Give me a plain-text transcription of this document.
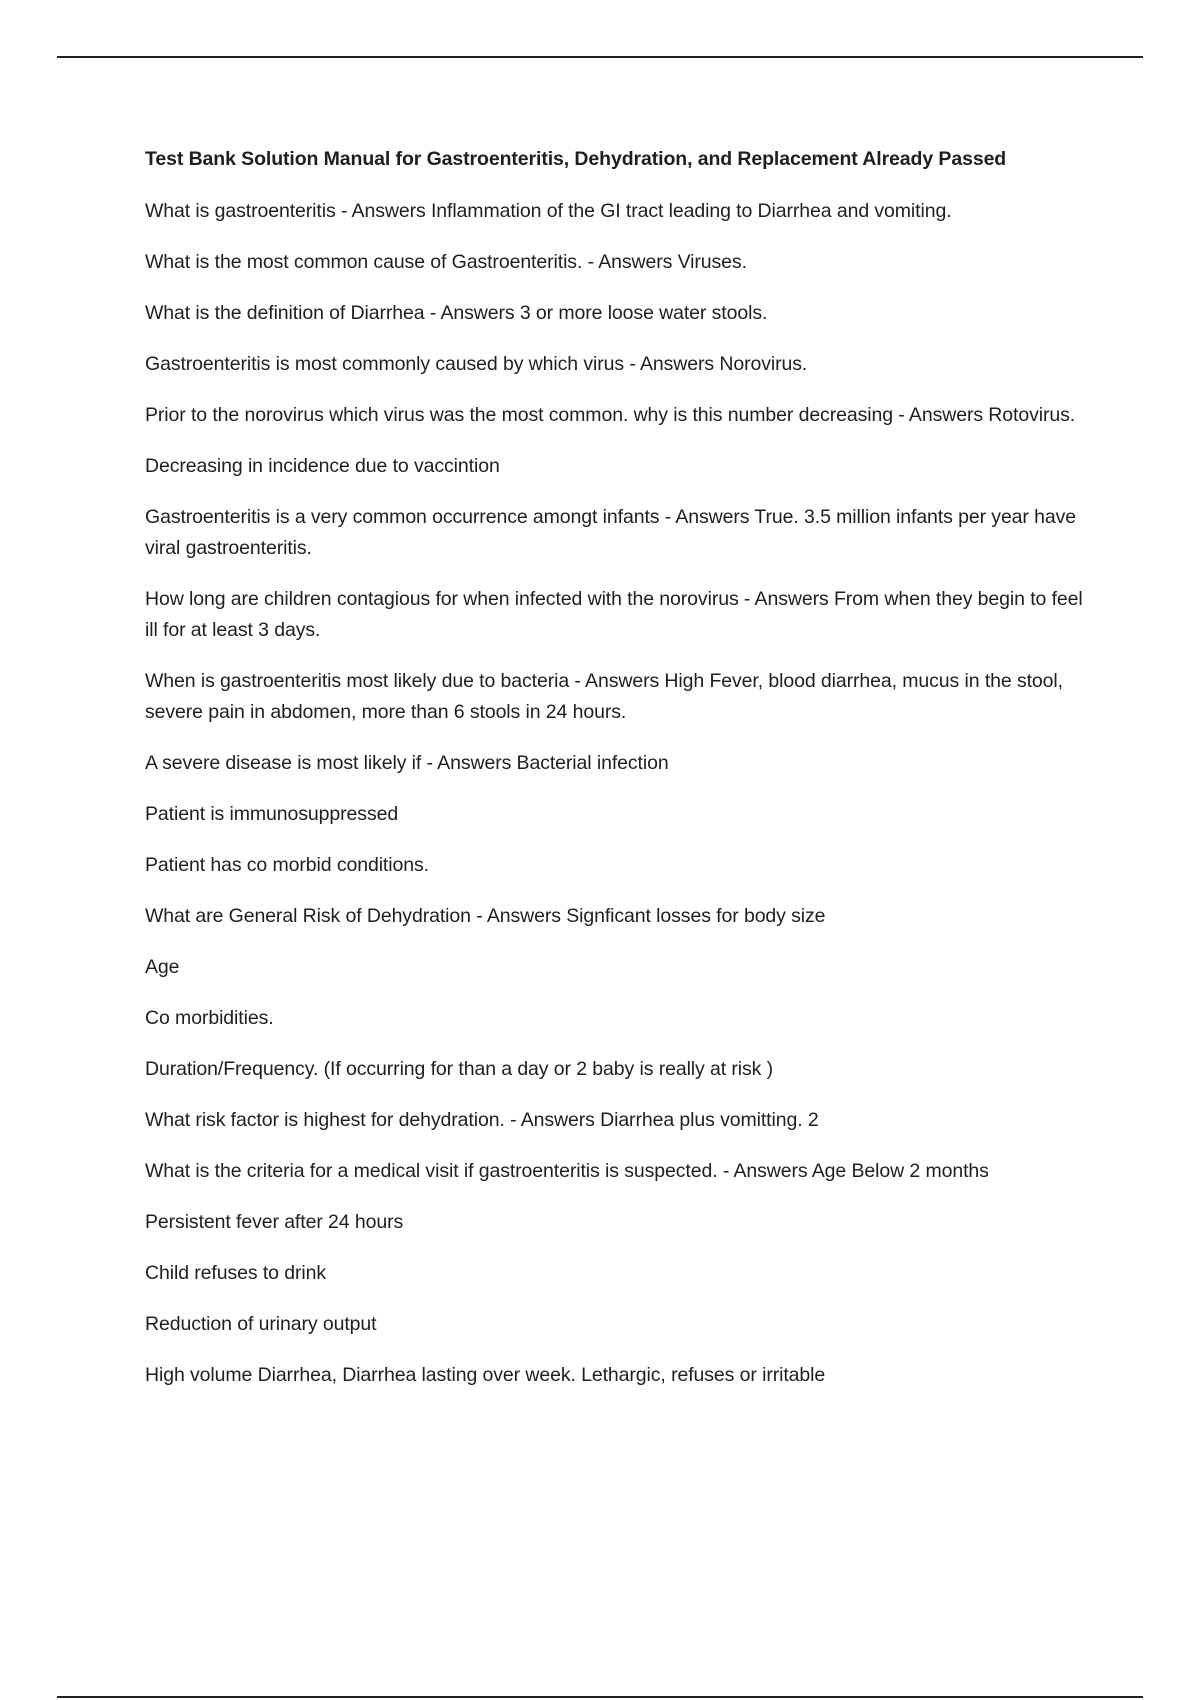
Test Bank Solution Manual for Gastroenteritis, Dehydration, and Replacement Already Passed

What is gastroenteritis - Answers Inflammation of the GI tract leading to Diarrhea and vomiting.

What is the most common cause of Gastroenteritis. - Answers Viruses.

What is the definition of Diarrhea - Answers 3 or more loose water stools.

Gastroenteritis is most commonly caused by which virus - Answers Norovirus.

Prior to the norovirus which virus was the most common. why is this number decreasing - Answers Rotovirus.

Decreasing in incidence due to vaccintion

Gastroenteritis is a very common occurrence amongt infants - Answers True. 3.5 million infants per year have viral gastroenteritis.

How long are children contagious for when infected with the norovirus - Answers From when they begin to feel ill for at least 3 days.

When is gastroenteritis most likely due to bacteria - Answers High Fever, blood diarrhea, mucus in the stool, severe pain in abdomen, more than 6 stools in 24 hours.

A severe disease is most likely if - Answers Bacterial infection

Patient is immunosuppressed

Patient has co morbid conditions.

What are General Risk of Dehydration - Answers Signficant losses for body size

Age

Co morbidities.

Duration/Frequency. (If occurring for than a day or 2 baby is really at risk )

What risk factor is highest for dehydration. - Answers Diarrhea plus vomitting. 2

What is the criteria for a medical visit if gastroenteritis is suspected. - Answers Age Below 2 months

Persistent fever after 24 hours

Child refuses to drink

Reduction of urinary output

High volume Diarrhea, Diarrhea lasting over week. Lethargic, refuses or irritable
